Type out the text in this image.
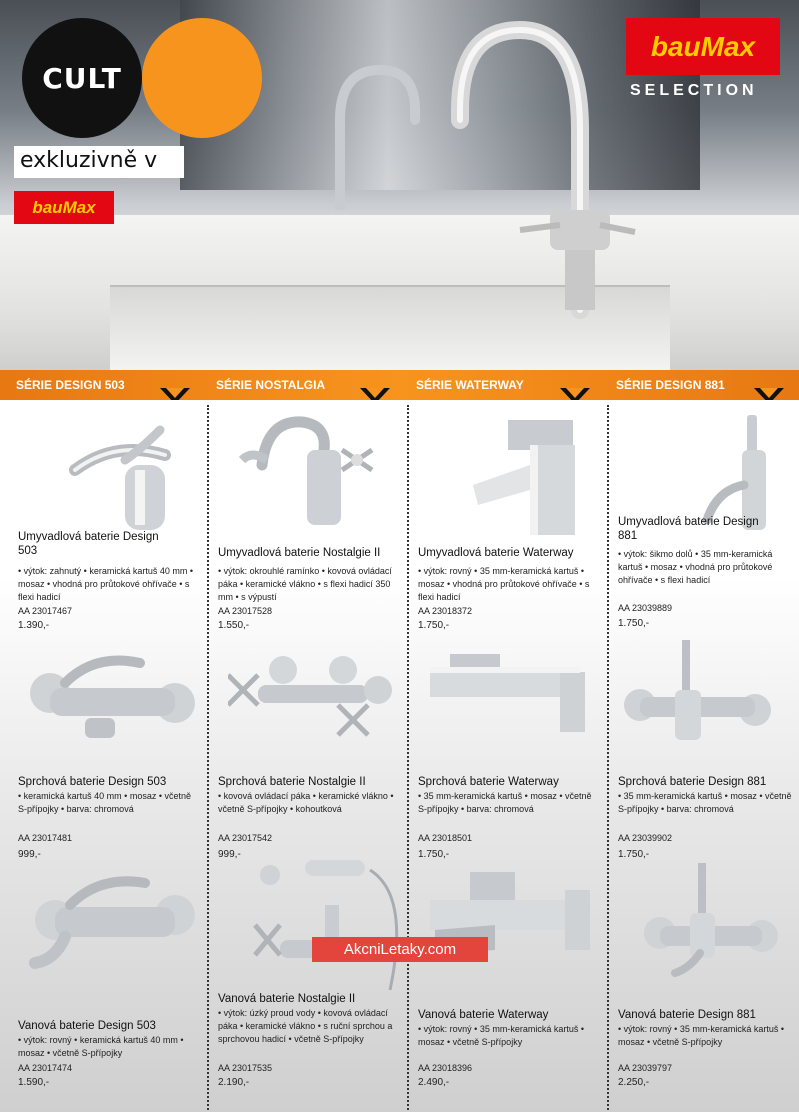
CULT
exkluzivně v
bauMax
bauMax
SELECTION
SÉRIE DESIGN 503	SÉRIE NOSTALGIA	SÉRIE WATERWAY	SÉRIE DESIGN 881
Umyvadlová baterie Design 503
• výtok: zahnutý • keramická kartuš 40 mm • mosaz • vhodná pro průtokové ohřívače • s flexi hadicí
AA 23017467
1.390,-
Umyvadlová baterie Nostalgie II
• výtok: okrouhlé ramínko • kovová ovládací páka • keramické vlákno • s flexi hadicí 350 mm • s výpustí
AA 23017528
1.550,-
Umyvadlová baterie Waterway
• výtok: rovný • 35 mm-keramická kartuš • mosaz • vhodná pro průtokové ohřívače • s flexi hadicí
AA 23018372
1.750,-
Umyvadlová baterie Design 881
• výtok: šikmo dolů • 35 mm-keramická kartuš • mosaz • vhodná pro průtokové ohřívače • s flexi hadicí
AA 23039889
1.750,-
Sprchová baterie Design 503
• keramická kartuš 40 mm • mosaz • včetně S-přípojky • barva: chromová
AA 23017481
999,-
Sprchová baterie Nostalgie II
• kovová ovládací páka • keramické vlákno • včetně S-přípojky • kohoutková
AA 23017542
999,-
Sprchová baterie Waterway
• 35 mm-keramická kartuš • mosaz • včetně S-přípojky • barva: chromová
AA 23018501
1.750,-
Sprchová baterie Design 881
• 35 mm-keramická kartuš • mosaz • včetně S-přípojky • barva: chromová
AA 23039902
1.750,-
AkcniLetaky.com
Vanová baterie Design 503
• výtok: rovný • keramická kartuš 40 mm • mosaz • včetně S-přípojky
AA 23017474
1.590,-
Vanová baterie Nostalgie II
• výtok: úzký proud vody • kovová ovládací páka • keramické vlákno • s ruční sprchou a sprchovou hadicí • včetně S-přípojky
AA 23017535
2.190,-
Vanová baterie Waterway
• výtok: rovný • 35 mm-keramická kartuš • mosaz • včetně S-přípojky
AA 23018396
2.490,-
Vanová baterie Design 881
• výtok: rovný • 35 mm-keramická kartuš • mosaz • včetně S-přípojky
AA 23039797
2.250,-
